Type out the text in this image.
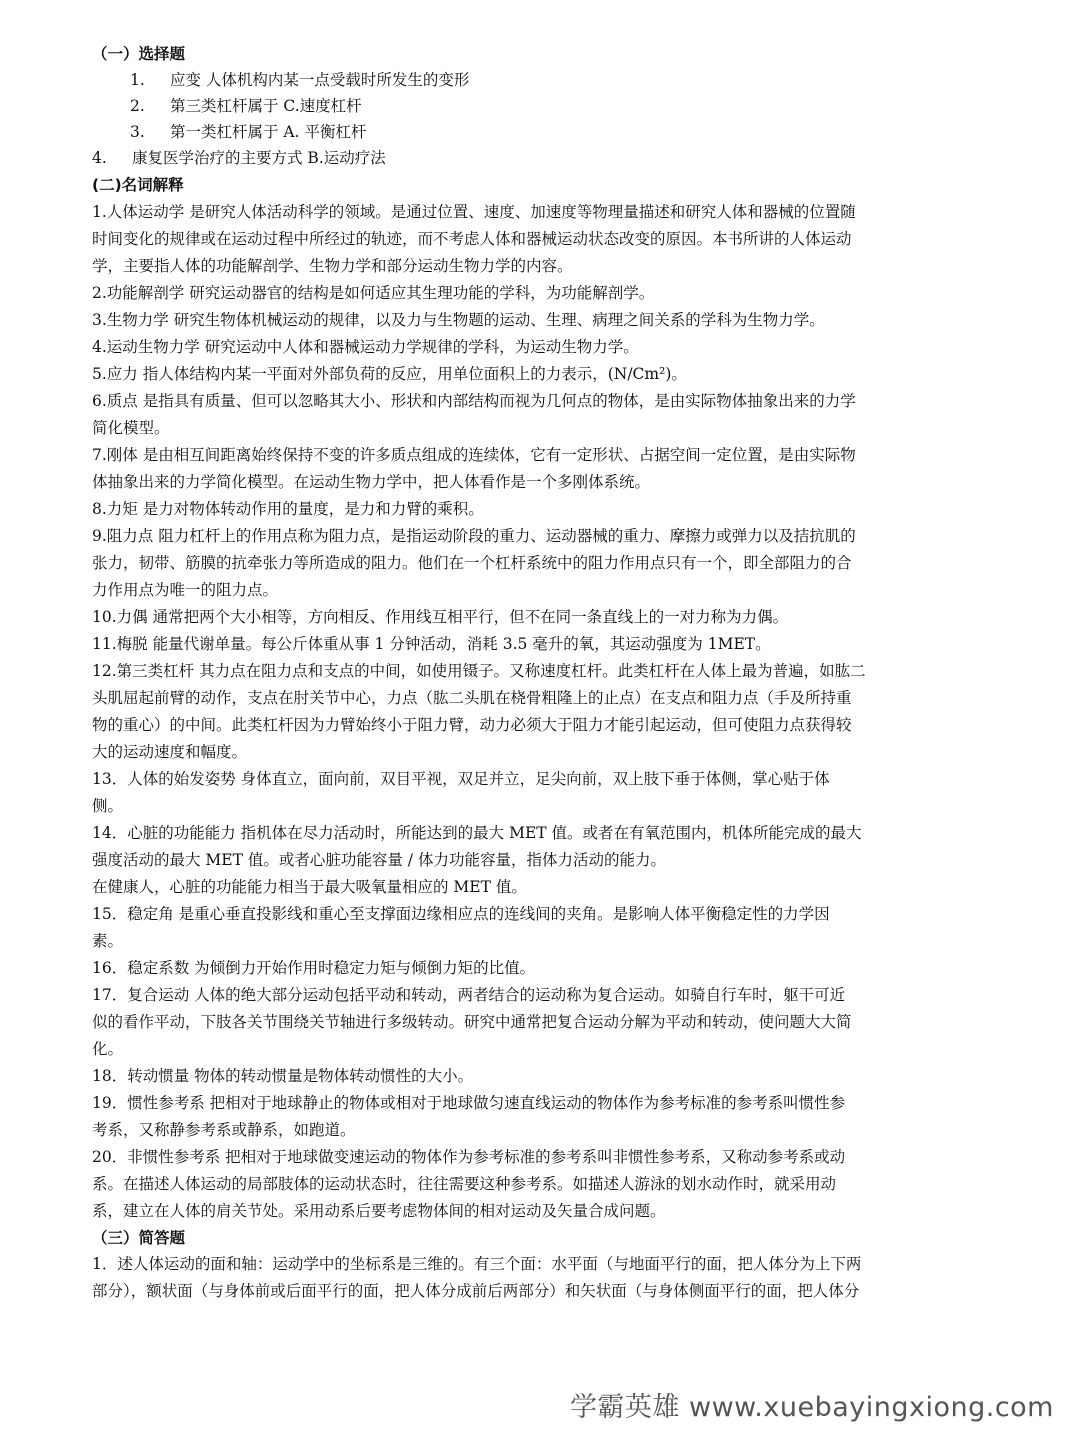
（一）选择题
1. 应变 人体机构内某一点受载时所发生的变形
2. 第三类杠杆属于 C.速度杠杆
3. 第一类杠杆属于 A. 平衡杠杆
4. 康复医学治疗的主要方式 B.运动疗法
(二)名词解释
1.人体运动学 是研究人体活动科学的领域。是通过位置、速度、加速度等物理量描述和研究人体和器械的位置随
时间变化的规律或在运动过程中所经过的轨迹，而不考虑人体和器械运动状态改变的原因。本书所讲的人体运动
学，主要指人体的功能解剖学、生物力学和部分运动生物力学的内容。
2.功能解剖学 研究运动器官的结构是如何适应其生理功能的学科，为功能解剖学。
3.生物力学 研究生物体机械运动的规律，以及力与生物题的运动、生理、病理之间关系的学科为生物力学。
4.运动生物力学 研究运动中人体和器械运动力学规律的学科，为运动生物力学。
5.应力 指人体结构内某一平面对外部负荷的反应，用单位面积上的力表示，(N/Cm²)。
6.质点 是指具有质量、但可以忽略其大小、形状和内部结构而视为几何点的物体，是由实际物体抽象出来的力学
简化模型。
7.刚体 是由相互间距离始终保持不变的许多质点组成的连续体，它有一定形状、占据空间一定位置，是由实际物
体抽象出来的力学简化模型。在运动生物力学中，把人体看作是一个多刚体系统。
8.力矩 是力对物体转动作用的量度，是力和力臂的乘积。
9.阻力点 阻力杠杆上的作用点称为阻力点，是指运动阶段的重力、运动器械的重力、摩擦力或弹力以及拮抗肌的
张力，韧带、筋膜的抗牵张力等所造成的阻力。他们在一个杠杆系统中的阻力作用点只有一个，即全部阻力的合
力作用点为唯一的阻力点。
10.力偶 通常把两个大小相等，方向相反、作用线互相平行，但不在同一条直线上的一对力称为力偶。
11.梅脱 能量代谢单量。每公斤体重从事 1 分钟活动，消耗 3.5 毫升的氧，其运动强度为 1MET。
12.第三类杠杆 其力点在阻力点和支点的中间，如使用镊子。又称速度杠杆。此类杠杆在人体上最为普遍，如肱二
头肌屈起前臂的动作，支点在肘关节中心，力点（肱二头肌在桡骨粗隆上的止点）在支点和阻力点（手及所持重
物的重心）的中间。此类杠杆因为力臂始终小于阻力臂，动力必须大于阻力才能引起运动，但可使阻力点获得较
大的运动速度和幅度。
13．人体的始发姿势 身体直立，面向前，双目平视，双足并立，足尖向前，双上肢下垂于体侧，掌心贴于体
侧。
14．心脏的功能能力 指机体在尽力活动时，所能达到的最大 MET 值。或者在有氧范围内，机体所能完成的最大
强度活动的最大 MET 值。或者心脏功能容量 / 体力功能容量，指体力活动的能力。
在健康人，心脏的功能能力相当于最大吸氧量相应的 MET 值。
15．稳定角 是重心垂直投影线和重心至支撑面边缘相应点的连线间的夹角。是影响人体平衡稳定性的力学因
素。
16．稳定系数 为倾倒力开始作用时稳定力矩与倾倒力矩的比值。
17．复合运动 人体的绝大部分运动包括平动和转动，两者结合的运动称为复合运动。如骑自行车时，躯干可近
似的看作平动，下肢各关节围绕关节轴进行多级转动。研究中通常把复合运动分解为平动和转动，使问题大大简
化。
18．转动惯量 物体的转动惯量是物体转动惯性的大小。
19．惯性参考系 把相对于地球静止的物体或相对于地球做匀速直线运动的物体作为参考标准的参考系叫惯性参
考系，又称静参考系或静系，如跑道。
20．非惯性参考系 把相对于地球做变速运动的物体作为参考标准的参考系叫非惯性参考系，又称动参考系或动
系。在描述人体运动的局部肢体的运动状态时，往往需要这种参考系。如描述人游泳的划水动作时，就采用动
系，建立在人体的肩关节处。采用动系后要考虑物体间的相对运动及矢量合成问题。
（三）简答题
1．述人体运动的面和轴：运动学中的坐标系是三维的。有三个面：水平面（与地面平行的面，把人体分为上下两
部分），额状面（与身体前或后面平行的面，把人体分成前后两部分）和矢状面（与身体侧面平行的面，把人体分
学霸英雄 www.xuebayingxiong.com
